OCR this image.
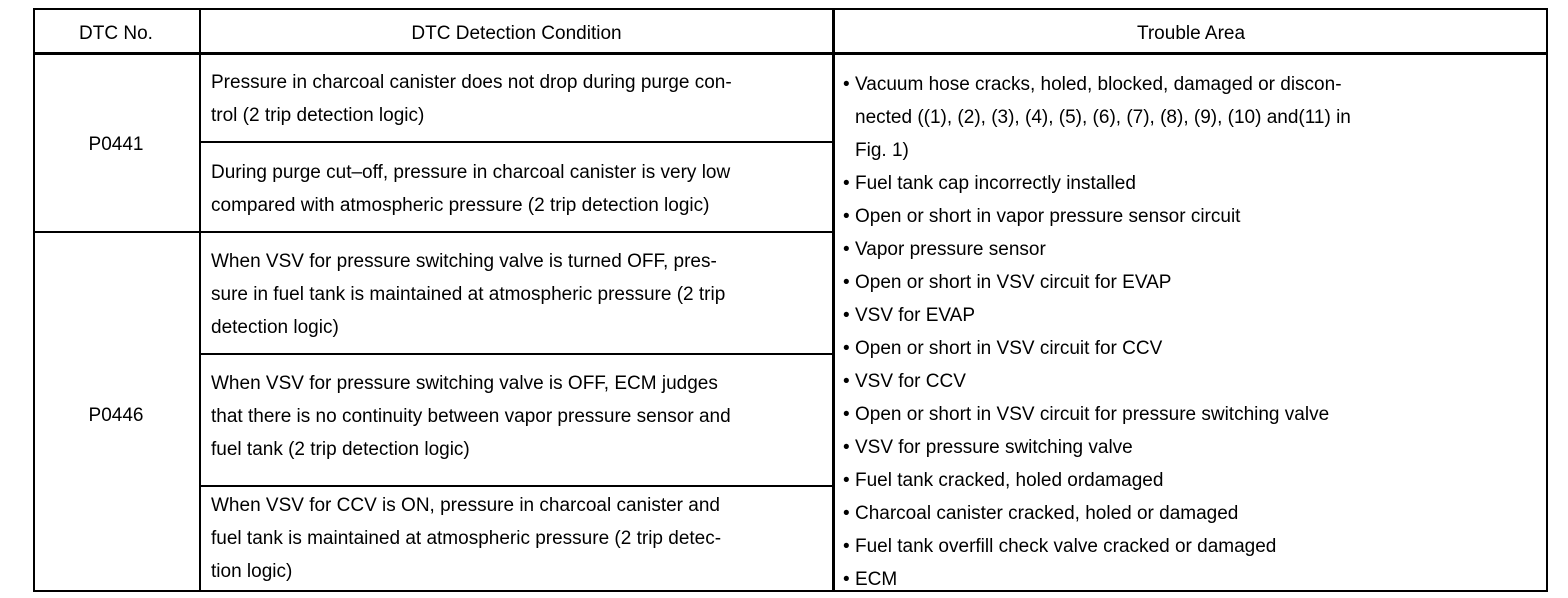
DTC No.	DTC Detection Condition	Trouble Area
P0441
P0446
Pressure in charcoal canister does not drop during purge con-
trol (2 trip detection logic)
During purge cut–off, pressure in charcoal canister is very low
compared with atmospheric pressure (2 trip detection logic)
When VSV for pressure switching valve is turned OFF, pres-
sure in fuel tank is maintained at atmospheric pressure (2 trip
detection logic)
When VSV for pressure switching valve is OFF, ECM judges
that there is no continuity between vapor pressure sensor and
fuel tank (2 trip detection logic)
When VSV for CCV is ON, pressure in charcoal canister and
fuel tank is maintained at atmospheric pressure (2 trip detec-
tion logic)
• Vacuum hose cracks, holed, blocked, damaged or discon-
nected ((1), (2), (3), (4), (5), (6), (7), (8), (9), (10) and(11) in
Fig. 1)
• Fuel tank cap incorrectly installed
• Open or short in vapor pressure sensor circuit
• Vapor pressure sensor
• Open or short in VSV circuit for EVAP
• VSV for EVAP
• Open or short in VSV circuit for CCV
• VSV for CCV
• Open or short in VSV circuit for pressure switching valve
• VSV for pressure switching valve
• Fuel tank cracked, holed ordamaged
• Charcoal canister cracked, holed or damaged
• Fuel tank overfill check valve cracked or damaged
• ECM
